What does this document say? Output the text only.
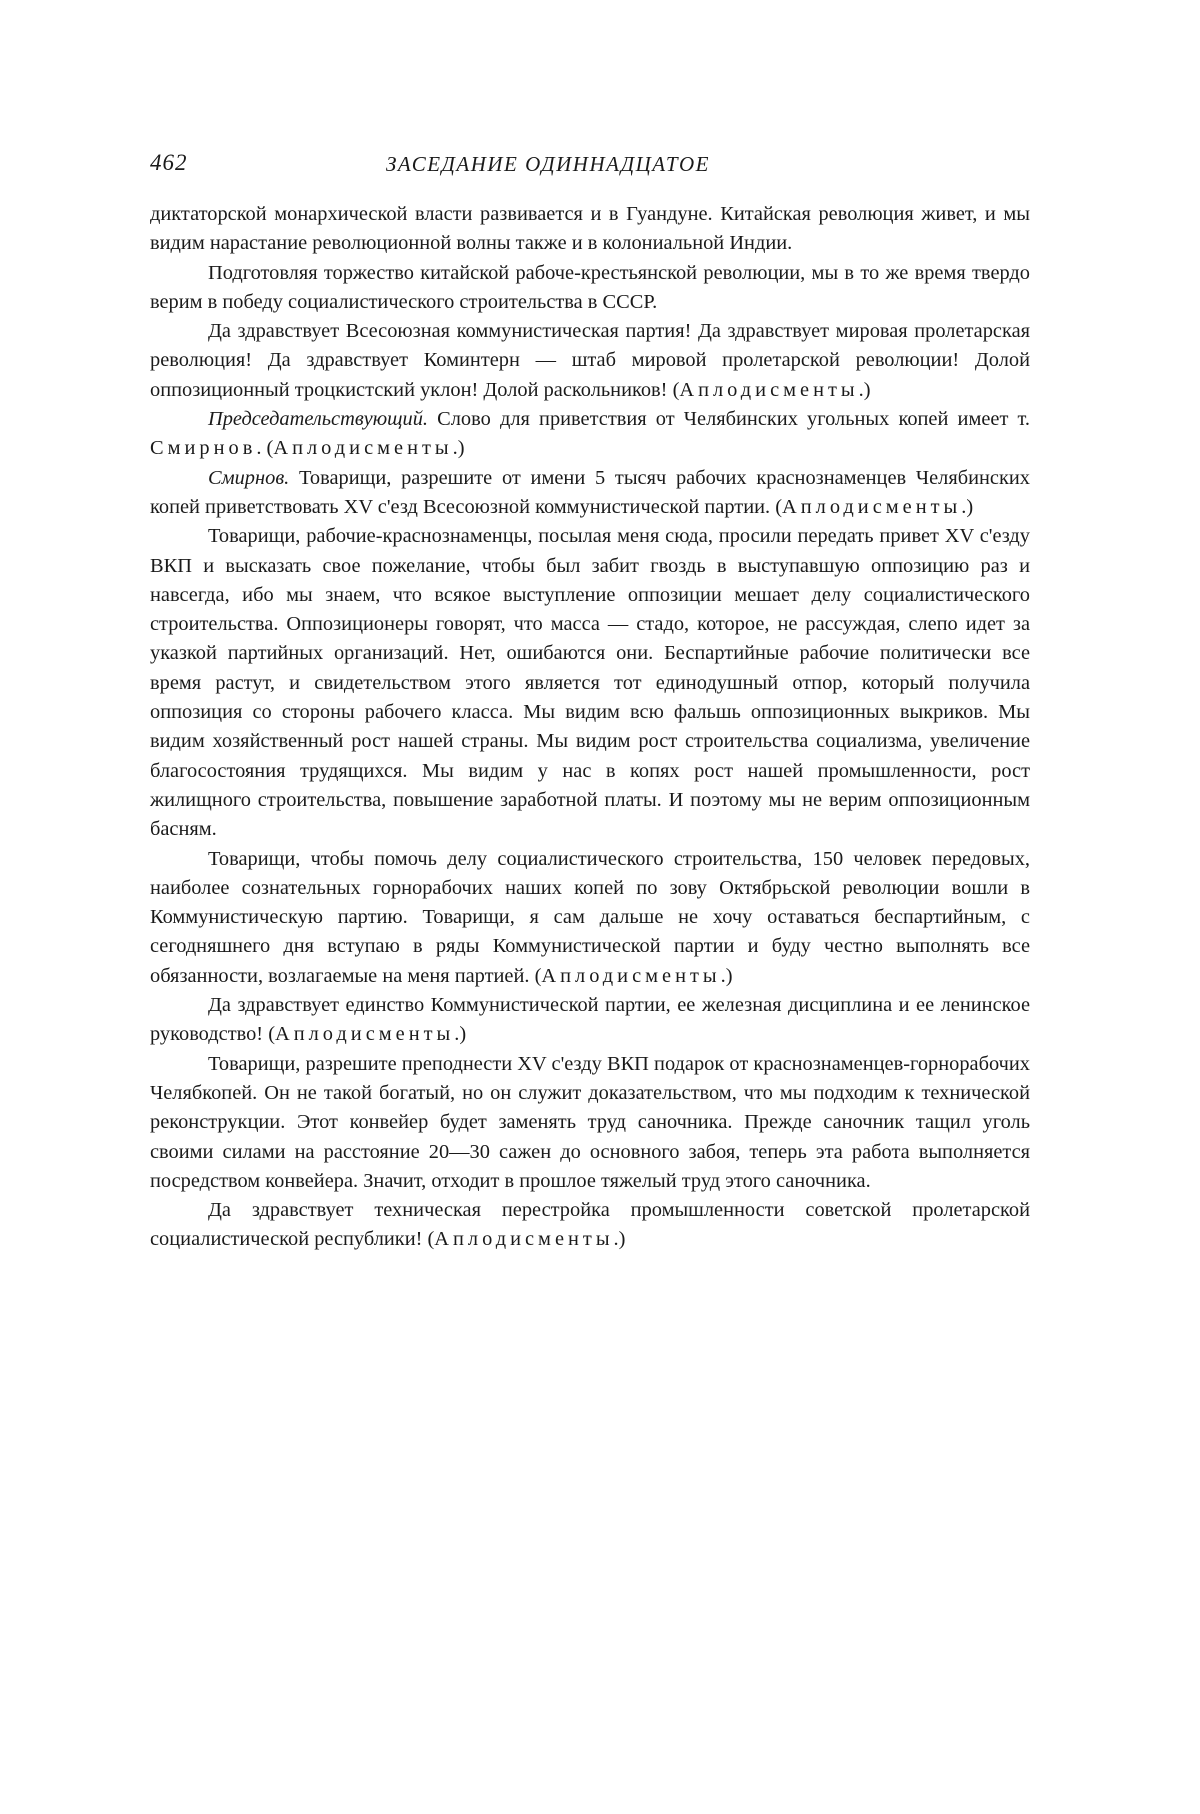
462	ЗАСЕДАНИЕ ОДИННАДЦАТОЕ

диктаторской монархической власти развивается и в Гуандуне. Китайская революция живет, и мы видим нарастание революционной волны также и в колониальной Индии.

Подготовляя торжество китайской рабоче-крестьянской революции, мы в то же время твердо верим в победу социалистического строительства в СССР.

Да здравствует Всесоюзная коммунистическая партия! Да здравствует мировая пролетарская революция! Да здравствует Коминтерн — штаб мировой пролетарской революции! Долой оппозиционный троцкистский уклон! Долой раскольников! (Аплодисменты.)

Председательствующий. Слово для приветствия от Челябинских угольных копей имеет т. Смирнов. (Аплодисменты.)

Смирнов. Товарищи, разрешите от имени 5 тысяч рабочих краснознаменцев Челябинских копей приветствовать XV с'езд Всесоюзной коммунистической партии. (Аплодисменты.)

Товарищи, рабочие-краснознаменцы, посылая меня сюда, просили передать привет XV с'езду ВКП и высказать свое пожелание, чтобы был забит гвоздь в выступавшую оппозицию раз и навсегда, ибо мы знаем, что всякое выступление оппозиции мешает делу социалистического строительства. Оппозиционеры говорят, что масса — стадо, которое, не рассуждая, слепо идет за указкой партийных организаций. Нет, ошибаются они. Беспартийные рабочие политически все время растут, и свидетельством этого является тот единодушный отпор, который получила оппозиция со стороны рабочего класса. Мы видим всю фальшь оппозиционных выкриков. Мы видим хозяйственный рост нашей страны. Мы видим рост строительства социализма, увеличение благосостояния трудящихся. Мы видим у нас в копях рост нашей промышленности, рост жилищного строительства, повышение заработной платы. И поэтому мы не верим оппозиционным басням.

Товарищи, чтобы помочь делу социалистического строительства, 150 человек передовых, наиболее сознательных горнорабочих наших копей по зову Октябрьской революции вошли в Коммунистическую партию. Товарищи, я сам дальше не хочу оставаться беспартийным, с сегодняшнего дня вступаю в ряды Коммунистической партии и буду честно выполнять все обязанности, возлагаемые на меня партией. (Аплодисменты.)

Да здравствует единство Коммунистической партии, ее железная дисциплина и ее ленинское руководство! (Аплодисменты.)

Товарищи, разрешите преподнести XV с'езду ВКП подарок от краснознаменцев-горнорабочих Челябкопей. Он не такой богатый, но он служит доказательством, что мы подходим к технической реконструкции. Этот конвейер будет заменять труд саночника. Прежде саночник тащил уголь своими силами на расстояние 20—30 сажен до основного забоя, теперь эта работа выполняется посредством конвейера. Значит, отходит в прошлое тяжелый труд этого саночника.

Да здравствует техническая перестройка промышленности советской пролетарской социалистической республики! (Аплодисменты.)
